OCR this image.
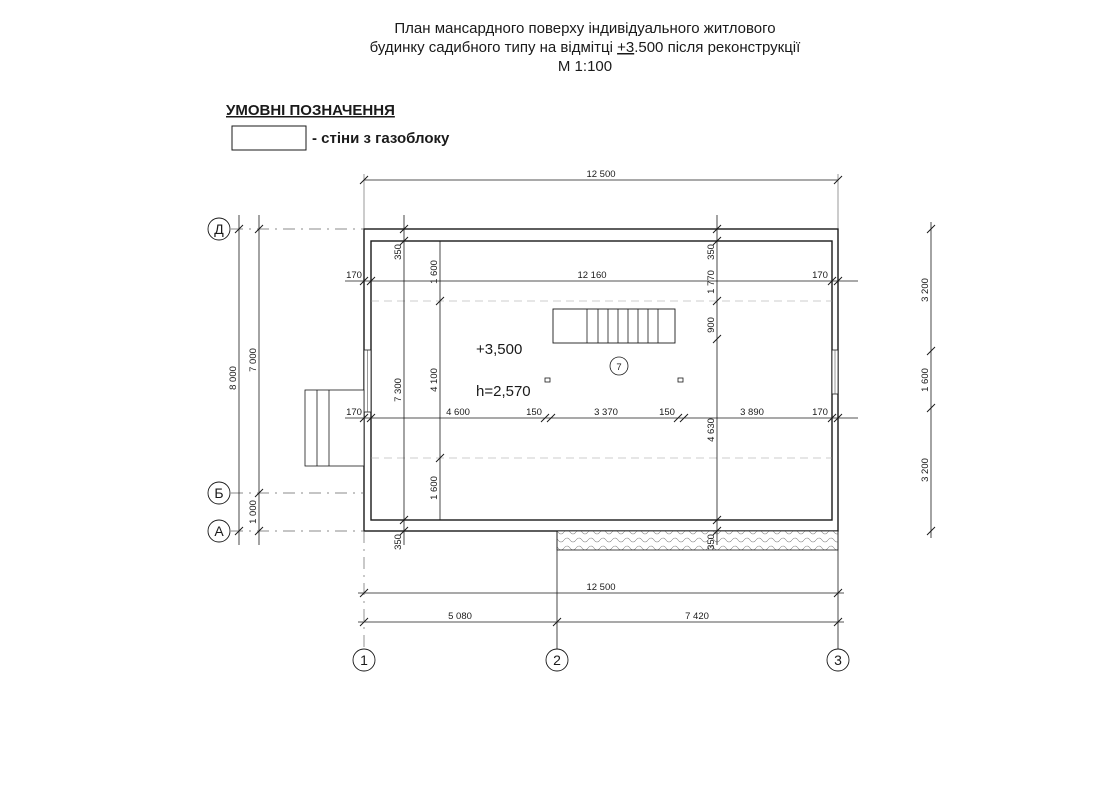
План мансардного поверху індивідуального житлового
будинку садибного типу на відмітці +3.500 після реконструкції
М 1:100
УМОВНІ ПОЗНАЧЕННЯ
- стіни з газоблоку
+3,500
h=2,570
7
Д
Б
А
1	2	3
12 500
170	12 160	170
170	4 600	150	3 370	150	3 890	170
8 000
7 000
1 000
350
7 300
350
1 600
4 100
1 600
350
1 770
900
4 630
350
3 200
1 600
3 200
12 500
5 080	7 420
